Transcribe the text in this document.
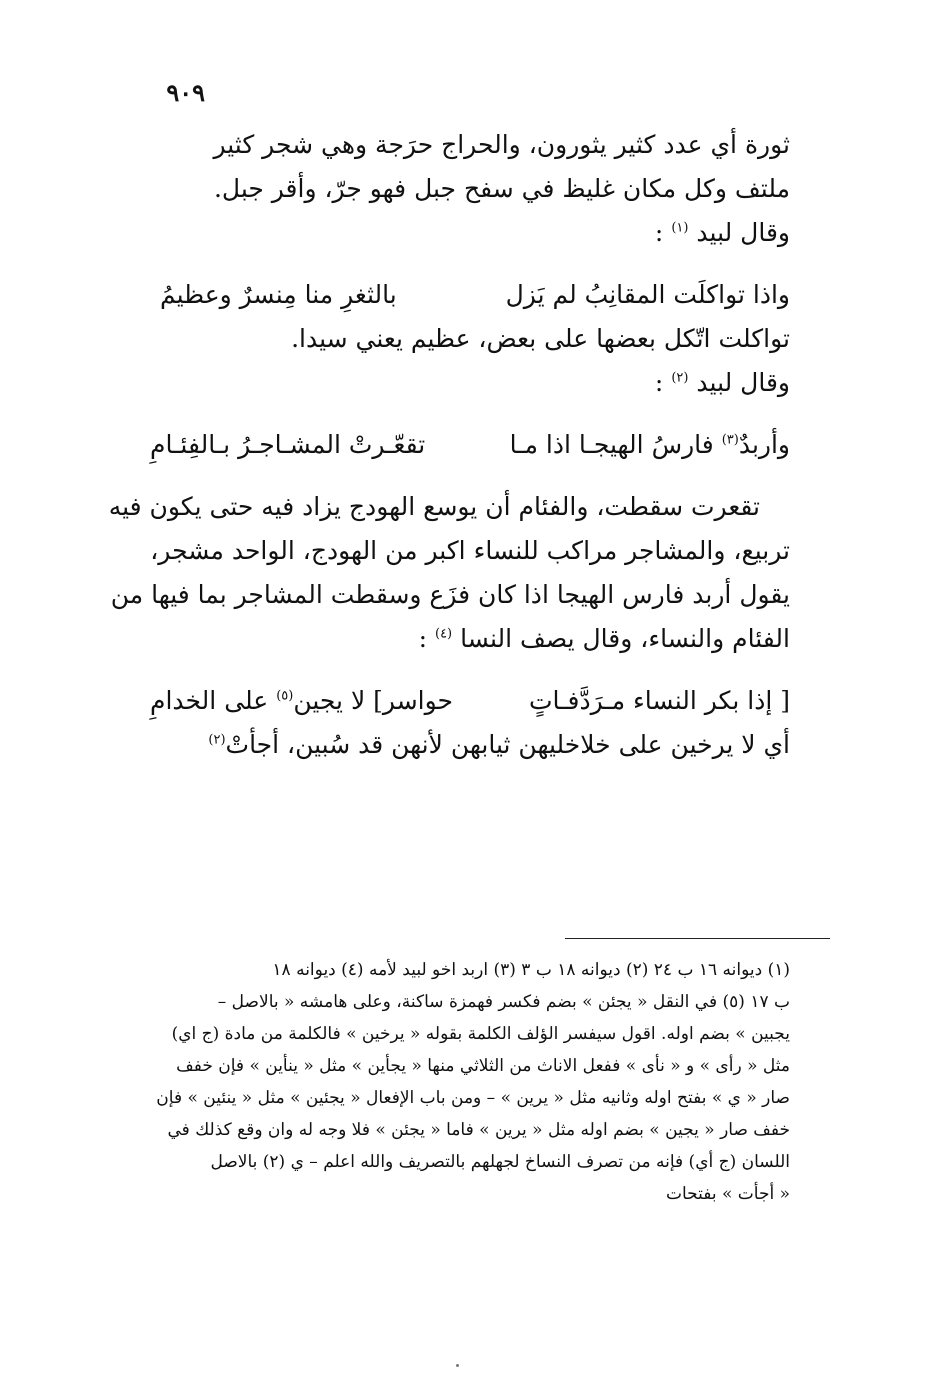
٩٠٩
ثورة أي عدد كثير يثورون، والحراج حرَجة وهي شجر كثير
ملتف وكل مكان غليظ في سفح جبل فهو جرّ، وأقر جبل.
وقال لبيد $^{(١)}$ :
واذا تواكلَت المقانِبُ لم يَزل
بالثغرِ منا مِنسرٌ وعظيمُ
تواكلت اتّكل بعضها على بعض، عظيم يعني سيدا.
وقال لبيد $^{(٢)}$ :
وأربدٌ$^{(٣)}$ فارسُ الهيجـا اذا مـا
تقعّـرتْ المشـاجـرُ بـالفِئـامِ
تقعرت سقطت، والفئام أن يوسع الهودج يزاد فيه حتى يكون فيه
تربيع، والمشاجر مراكب للنساء اكبر من الهودج، الواحد مشجر،
يقول أربد فارس الهيجا اذا كان فزَع وسقطت المشاجر بما فيها من
الفئام والنساء، وقال يصف النسا $^{(٤)}$ :
[ إذا بكر النساء مـرَدَّفـاتٍ
حواسر] لا يجين$^{(٥)}$ على الخدامِ
أي لا يرخين على خلاخليهن ثيابهن لأنهن قد سُبين، أجأتْ$^{(٢)}$
(١) ديوانه ١٦ ب ٢٤ (٢) ديوانه ١٨ ب ٣ (٣) اربد اخو لبيد لأمه (٤) ديوانه ١٨
ب ١٧ (٥) في النقل « يجئن » بضم فكسر فهمزة ساكنة، وعلى هامشه « بالاصل –
يجبين » بضم اوله. اقول سيفسر الؤلف الكلمة بقوله « يرخين » فالكلمة من مادة (ج اي)
مثل « رأى » و « نأى » ففعل الاناث من الثلاثي منها « يجأين » مثل « ينأين » فإن خفف
صار « ي » بفتح اوله وثانيه مثل « يرين » – ومن باب الإفعال « يجئين » مثل « ينئين » فإن
خفف صار « يجين » بضم اوله مثل « يرين » فاما « يجئن » فلا وجه له وان وقع كذلك في
اللسان (ج أي) فإنه من تصرف النساخ لجهلهم بالتصريف والله اعلم – ي (٢) بالاصل
« أجأت » بفتحات
